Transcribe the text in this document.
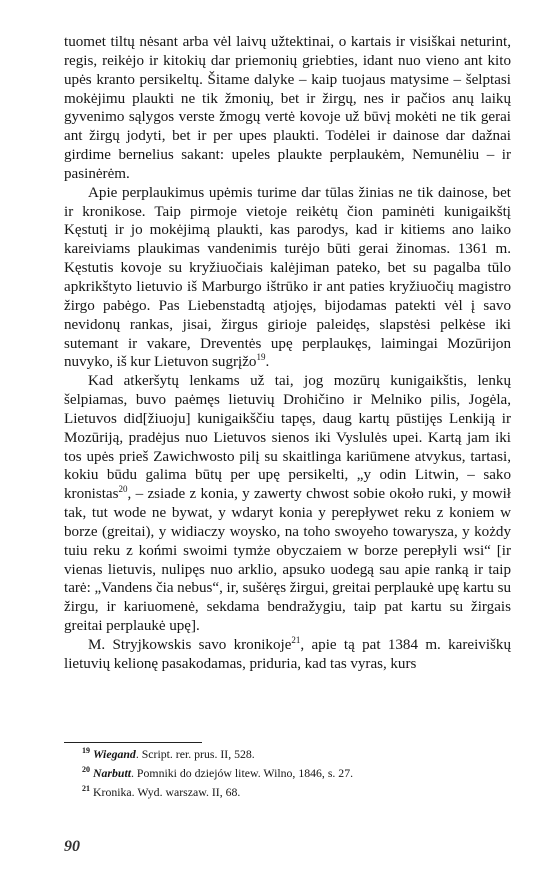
tuomet tiltų nėsant arba vėl laivų užtektinai, o kartais ir visiškai neturint, regis, reikėjo ir kitokių dar priemonių griebties, idant nuo vieno ant kito upės kranto persikeltų. Šitame dalyke – kaip tuojaus matysime – šelptasi mokėjimu plaukti ne tik žmonių, bet ir žirgų, nes ir pačios anų laikų gyvenimo sąlygos verste žmogų vertė kovoje už būvį mokėti ne tik gerai ant žirgų jodyti, bet ir per upes plaukti. Todėlei ir dainose dar dažnai girdime bernelius sakant: upeles plaukte perplaukėm, Nemunėliu – ir pasinėrėm.

Apie perplaukimus upėmis turime dar tūlas žinias ne tik dainose, bet ir kronikose. Taip pirmoje vietoje reikėtų čion paminėti kunigaikštį Kęstutį ir jo mokėjimą plaukti, kas parodys, kad ir kitiems ano laiko kareiviams plaukimas vandenimis turėjo būti gerai žinomas. 1361 m. Kęstutis kovoje su kryžiuočiais kalėjiman pateko, bet su pagalba tūlo apkrikštyto lietuvio iš Marburgo ištrūko ir ant paties kryžiuočių magistro žirgo pabėgo. Pas Liebenstadtą atjojęs, bijodamas patekti vėl į savo nevidonų rankas, jisai, žirgus girioje paleidęs, slapstėsi pelkėse iki sutemant ir vakare, Dreventės upę perplaukęs, laimingai Mozūrijon nuvyko, iš kur Lietuvon sugrįžo$^{19}$.

Kad atkeršytų lenkams už tai, jog mozūrų kunigaikštis, lenkų šelpiamas, buvo paėmęs lietuvių Drohičino ir Melniko pilis, Jogėla, Lietuvos did[žiuoju] kunigaikščiu tapęs, daug kartų pūstijęs Lenkiją ir Mozūriją, pradėjus nuo Lietuvos sienos iki Vyslulės upei. Kartą jam iki tos upės prieš Zawichwosto pilį su skaitlinga kariūmene atvykus, tartasi, kokiu būdu galima būtų per upę persikelti, „y odin Litwin, – sako kronistas$^{20}$, – zsiade z konia, y zawerty chwost sobie około ruki, y mowił tak, tut wode ne bywat, y wdaryt konia y perepływet reku z koniem w borze (greitai), y widiaczy woysko, na toho swoyeho towarysza, y kożdy tuiu reku z końmi swoimi tymże obyczaiem w borze perepłyli wsi“ [ir vienas lietuvis, nulipęs nuo arklio, apsuko uodegą sau apie ranką ir taip tarė: „Vandens čia nebus“, ir, sušėręs žirgui, greitai perplaukė upę kartu su žirgu, ir kariuomenė, sekdama bendražygiu, taip pat kartu su žirgais greitai perplaukė upę].

M. Stryjkowskis savo kronikoje$^{21}$, apie tą pat 1384 m. kareiviškų lietuvių kelionę pasakodamas, priduria, kad tas vyras, kurs

$^{19}$ Wiegand. Script. rer. prus. II, 528.
$^{20}$ Narbutt. Pomniki do dziejów litew. Wilno, 1846, s. 27.
$^{21}$ Kronika. Wyd. warszaw. II, 68.
90
